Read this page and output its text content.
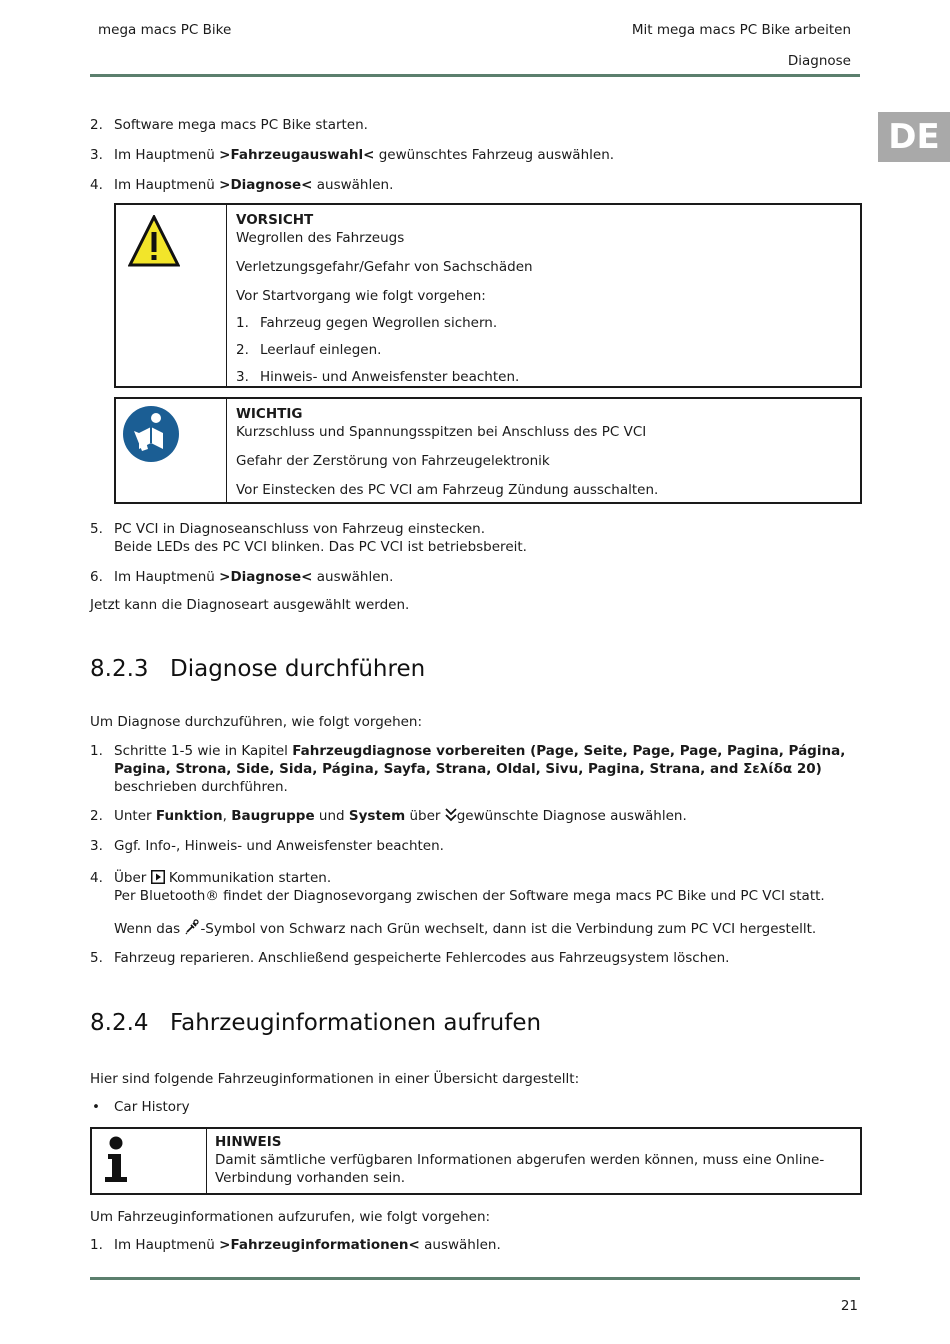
mega macs PC Bike	Mit mega macs PC Bike arbeiten
Diagnose
DE
2. Software mega macs PC Bike starten.
3. Im Hauptmenü >Fahrzeugauswahl< gewünschtes Fahrzeug auswählen.
4. Im Hauptmenü >Diagnose< auswählen.
VORSICHT
Wegrollen des Fahrzeugs
Verletzungsgefahr/Gefahr von Sachschäden
Vor Startvorgang wie folgt vorgehen:
1. Fahrzeug gegen Wegrollen sichern.
2. Leerlauf einlegen.
3. Hinweis- und Anweisfenster beachten.
WICHTIG
Kurzschluss und Spannungsspitzen bei Anschluss des PC VCI
Gefahr der Zerstörung von Fahrzeugelektronik
Vor Einstecken des PC VCI am Fahrzeug Zündung ausschalten.
5. PC VCI in Diagnoseanschluss von Fahrzeug einstecken.
Beide LEDs des PC VCI blinken. Das PC VCI ist betriebsbereit.
6. Im Hauptmenü >Diagnose< auswählen.
Jetzt kann die Diagnoseart ausgewählt werden.
8.2.3 Diagnose durchführen
Um Diagnose durchzuführen, wie folgt vorgehen:
1. Schritte 1-5 wie in Kapitel Fahrzeugdiagnose vorbereiten (Page, Seite, Page, Page, Pagina, Página, Pagina, Strona, Side, Sida, Página, Sayfa, Strana, Oldal, Sivu, Pagina, Strana, and Σελίδα 20) beschrieben durchführen.
2. Unter Funktion, Baugruppe und System über gewünschte Diagnose auswählen.
3. Ggf. Info-, Hinweis- und Anweisfenster beachten.
4. Über  Kommunikation starten.
Per Bluetooth® findet der Diagnosevorgang zwischen der Software mega macs PC Bike und PC VCI statt.
Wenn das -Symbol von Schwarz nach Grün wechselt, dann ist die Verbindung zum PC VCI hergestellt.
5. Fahrzeug reparieren. Anschließend gespeicherte Fehlercodes aus Fahrzeugsystem löschen.
8.2.4 Fahrzeuginformationen aufrufen
Hier sind folgende Fahrzeuginformationen in einer Übersicht dargestellt:
•	Car History
HINWEIS
Damit sämtliche verfügbaren Informationen abgerufen werden können, muss eine Online-Verbindung vorhanden sein.
Um Fahrzeuginformationen aufzurufen, wie folgt vorgehen:
1. Im Hauptmenü >Fahrzeuginformationen< auswählen.
21
